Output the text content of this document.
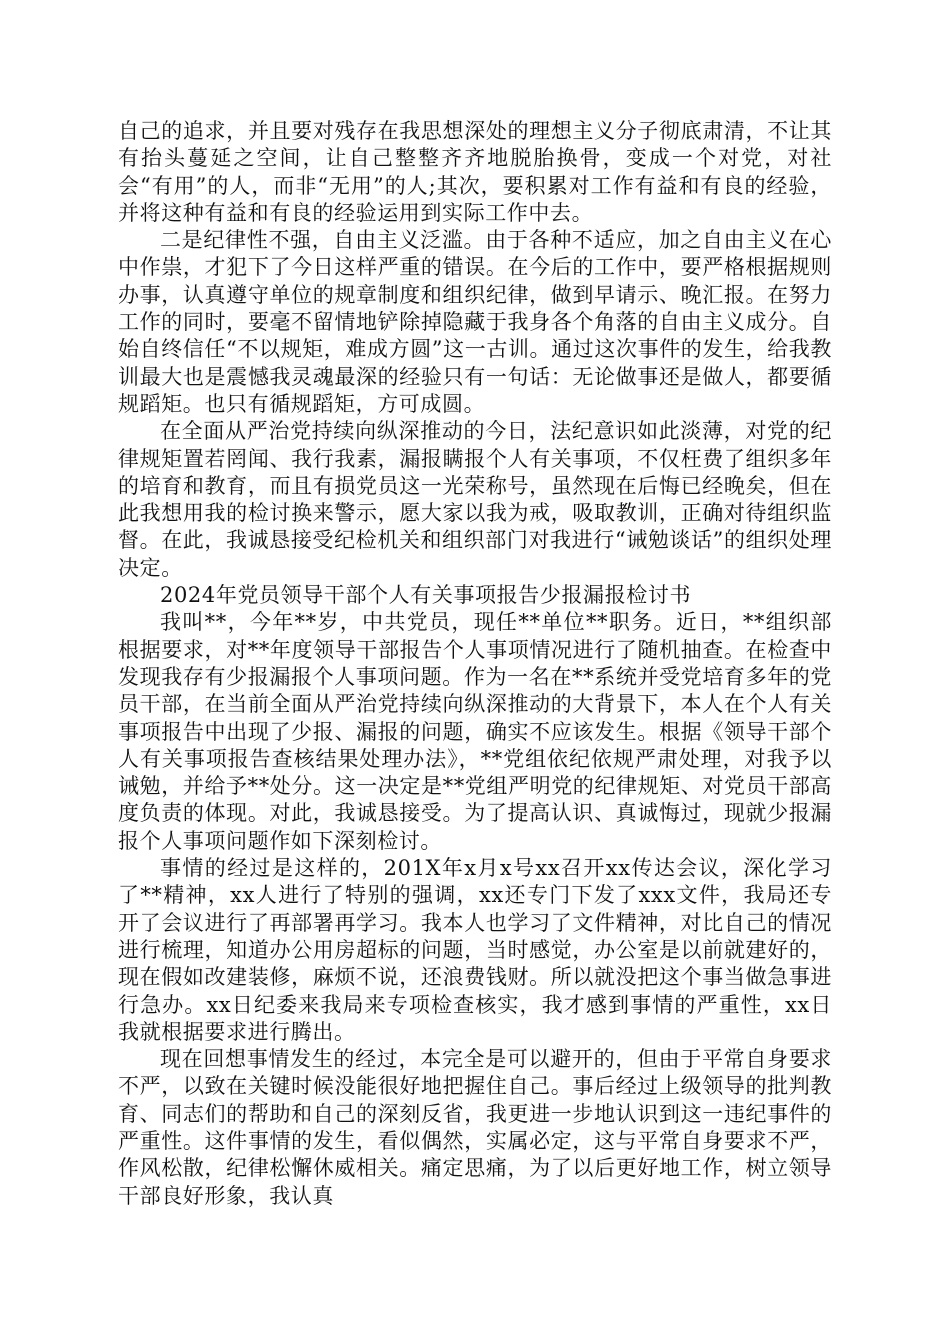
自己的追求，并且要对残存在我思想深处的理想主义分子彻底肃清，不让其有抬头蔓延之空间，让自己整整齐齐地脱胎换骨，变成一个对党，对社会“有用”的人，而非“无用”的人;其次，要积累对工作有益和有良的经验，并将这种有益和有良的经验运用到实际工作中去。

二是纪律性不强，自由主义泛滥。由于各种不适应，加之自由主义在心中作祟，才犯下了今日这样严重的错误。在今后的工作中，要严格根据规则办事，认真遵守单位的规章制度和组织纪律，做到早请示、晚汇报。在努力工作的同时，要毫不留情地铲除掉隐藏于我身各个角落的自由主义成分。自始自终信任“不以规矩，难成方圆”这一古训。通过这次事件的发生，给我教训最大也是震憾我灵魂最深的经验只有一句话：无论做事还是做人，都要循规蹈矩。也只有循规蹈矩，方可成圆。

在全面从严治党持续向纵深推动的今日，法纪意识如此淡薄，对党的纪律规矩置若罔闻、我行我素，漏报瞒报个人有关事项，不仅枉费了组织多年的培育和教育，而且有损党员这一光荣称号，虽然现在后悔已经晚矣，但在此我想用我的检讨换来警示，愿大家以我为戒，吸取教训，正确对待组织监督。在此，我诚恳接受纪检机关和组织部门对我进行“诫勉谈话”的组织处理决定。

2024年党员领导干部个人有关事项报告少报漏报检讨书

我叫**，今年**岁，中共党员，现任**单位**职务。近日，**组织部根据要求，对**年度领导干部报告个人事项情况进行了随机抽查。在检查中发现我存有少报漏报个人事项问题。作为一名在**系统并受党培育多年的党员干部，在当前全面从严治党持续向纵深推动的大背景下，本人在个人有关事项报告中出现了少报、漏报的问题，确实不应该发生。根据《领导干部个人有关事项报告查核结果处理办法》，**党组依纪依规严肃处理，对我予以诫勉，并给予**处分。这一决定是**党组严明党的纪律规矩、对党员干部高度负责的体现。对此，我诚恳接受。为了提高认识、真诚悔过，现就少报漏报个人事项问题作如下深刻检讨。

事情的经过是这样的，201X年x月x号xx召开xx传达会议，深化学习了**精神，xx人进行了特别的强调，xx还专门下发了xxx文件，我局还专开了会议进行了再部署再学习。我本人也学习了文件精神，对比自己的情况进行梳理，知道办公用房超标的问题，当时感觉，办公室是以前就建好的，现在假如改建装修，麻烦不说，还浪费钱财。所以就没把这个事当做急事进行急办。xx日纪委来我局来专项检查核实，我才感到事情的严重性，xx日我就根据要求进行腾出。

现在回想事情发生的经过，本完全是可以避开的，但由于平常自身要求不严，以致在关键时候没能很好地把握住自己。事后经过上级领导的批判教育、同志们的帮助和自己的深刻反省，我更进一步地认识到这一违纪事件的严重性。这件事情的发生，看似偶然，实属必定，这与平常自身要求不严，作风松散，纪律松懈休威相关。痛定思痛，为了以后更好地工作，树立领导干部良好形象，我认真
